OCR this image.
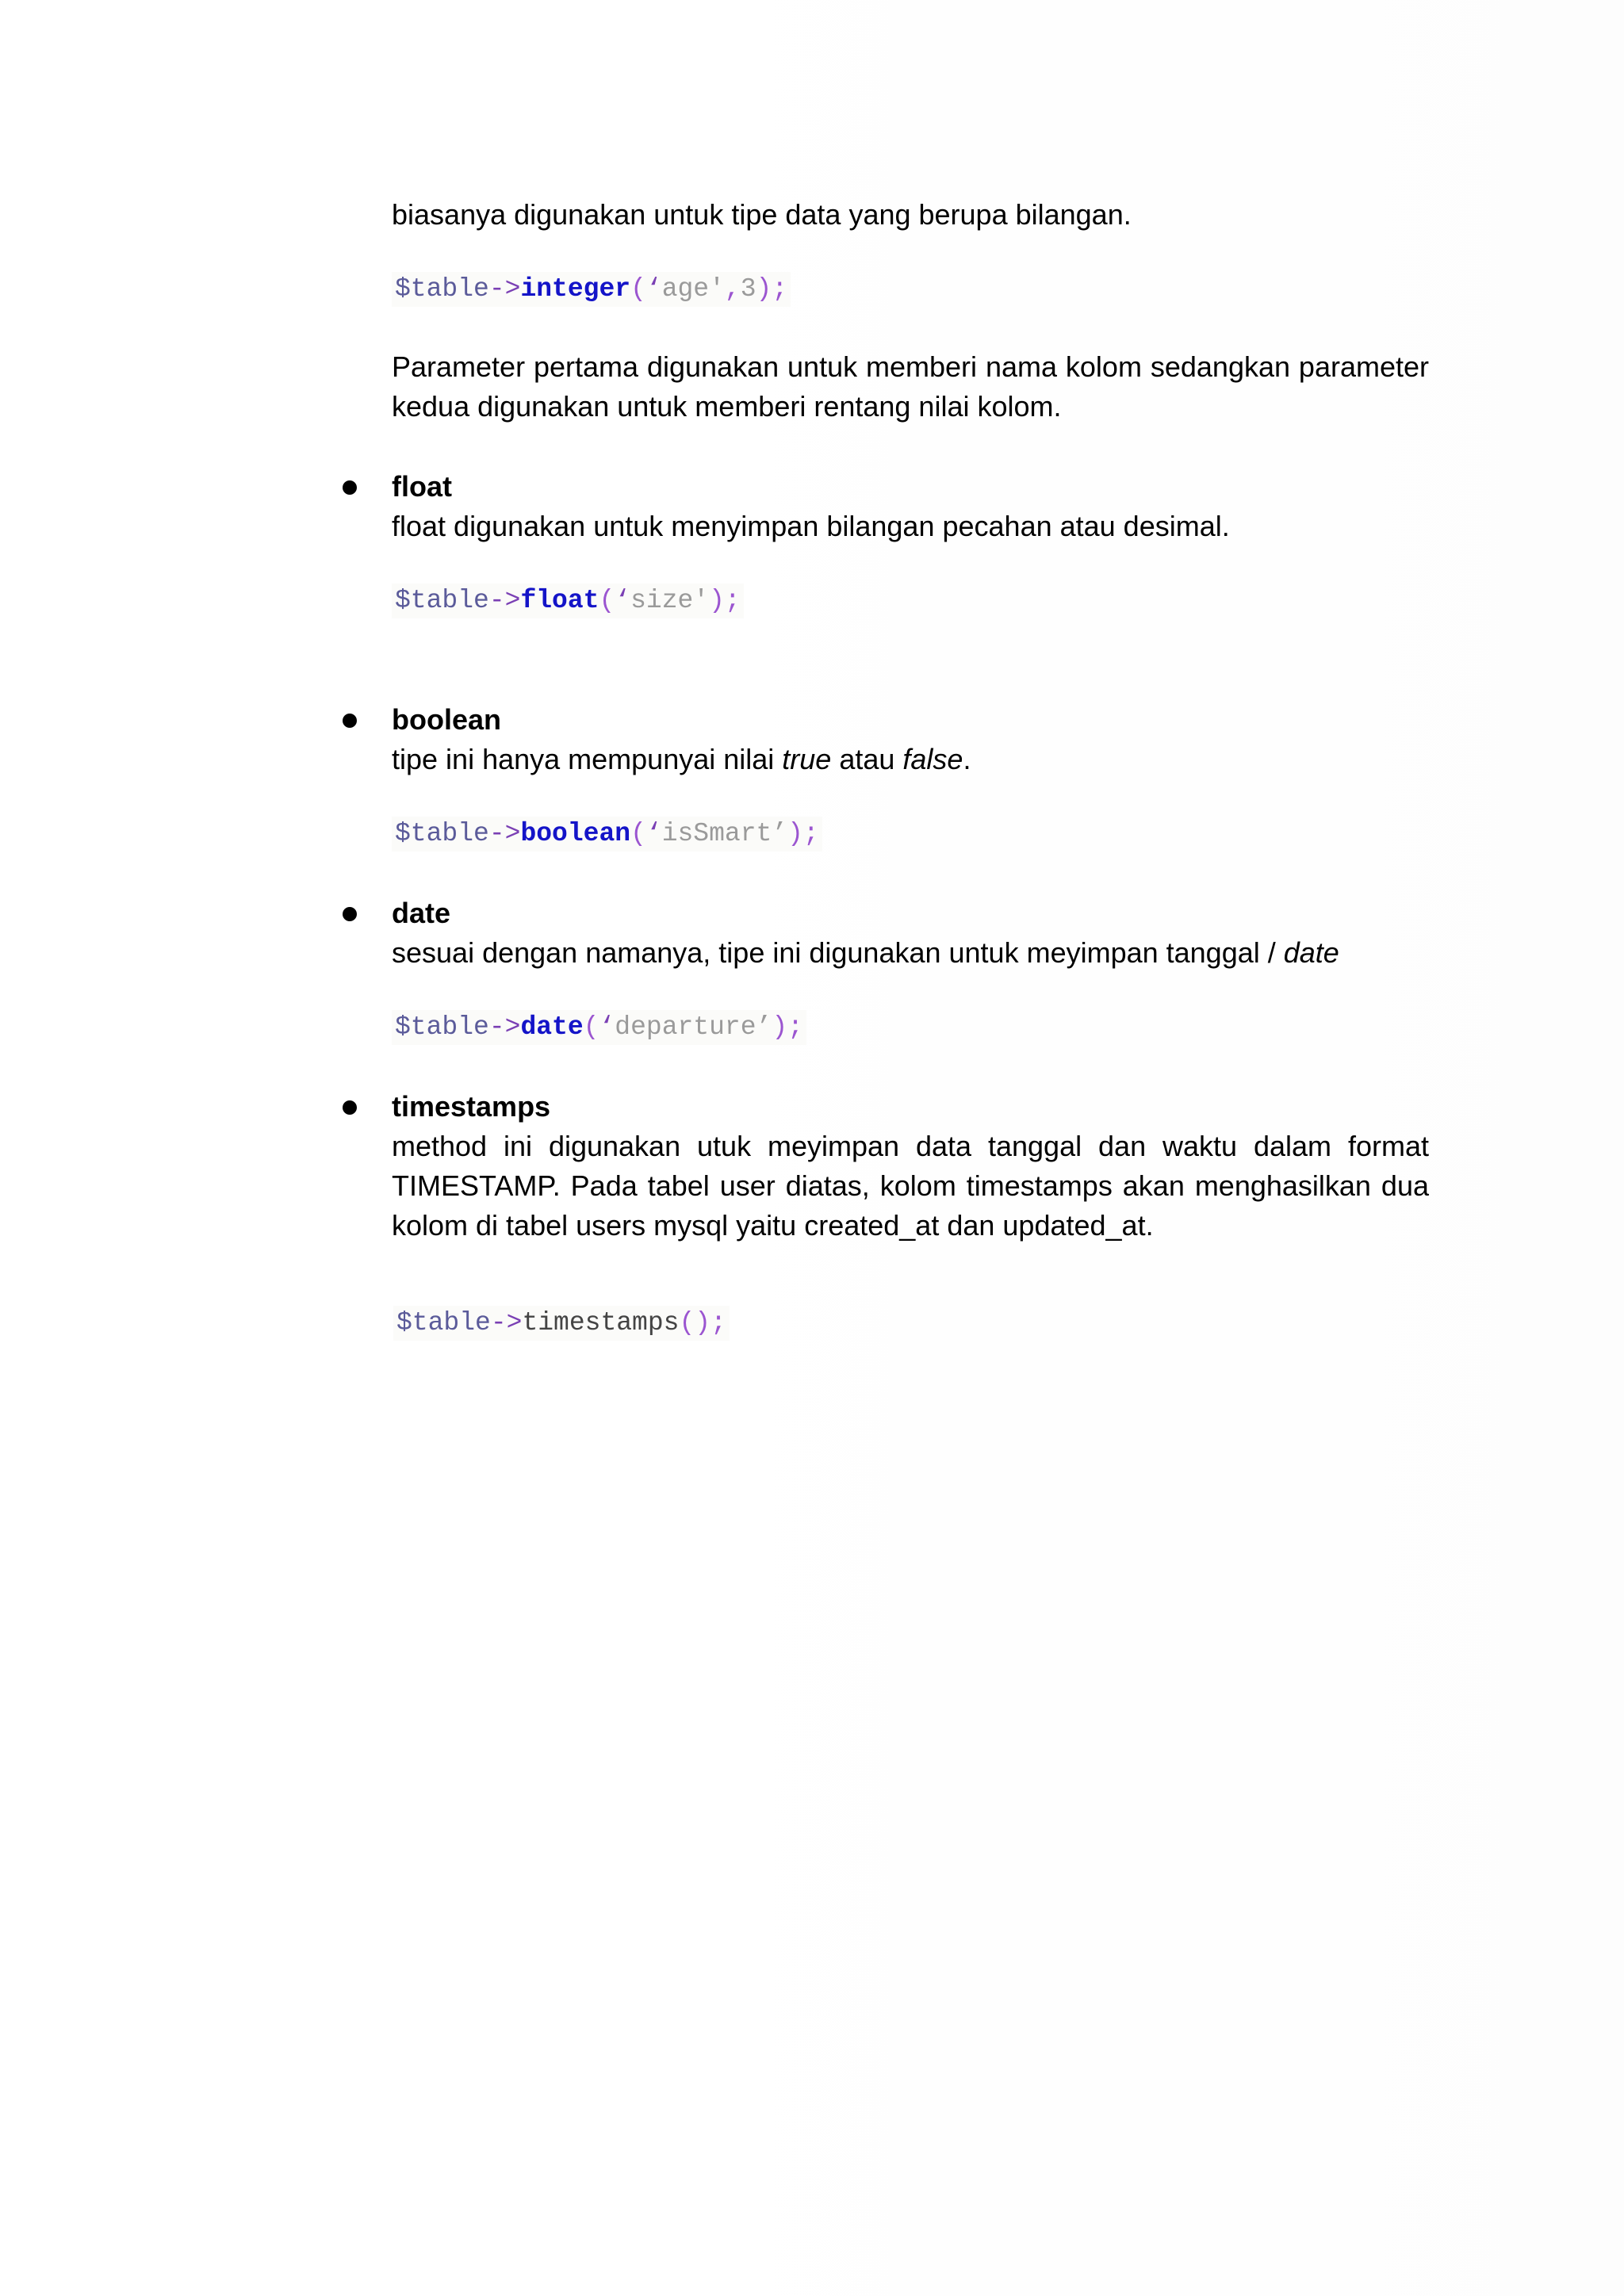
biasanya digunakan untuk tipe data yang berupa bilangan.

$table->integer(‘age',3);

Parameter pertama digunakan untuk memberi nama kolom sedangkan parameter kedua digunakan untuk memberi rentang nilai kolom.

float

float digunakan untuk menyimpan bilangan pecahan atau desimal.

$table->float(‘size');

boolean

tipe ini hanya mempunyai nilai true atau false.

$table->boolean(‘isSmart’);

date

sesuai dengan namanya, tipe ini digunakan untuk meyimpan tanggal / date

$table->date(‘departure’);

timestamps

method ini digunakan utuk meyimpan data tanggal dan waktu dalam format TIMESTAMP. Pada tabel user diatas, kolom timestamps akan menghasilkan dua kolom di tabel users mysql yaitu created_at dan updated_at.

$table->timestamps();
